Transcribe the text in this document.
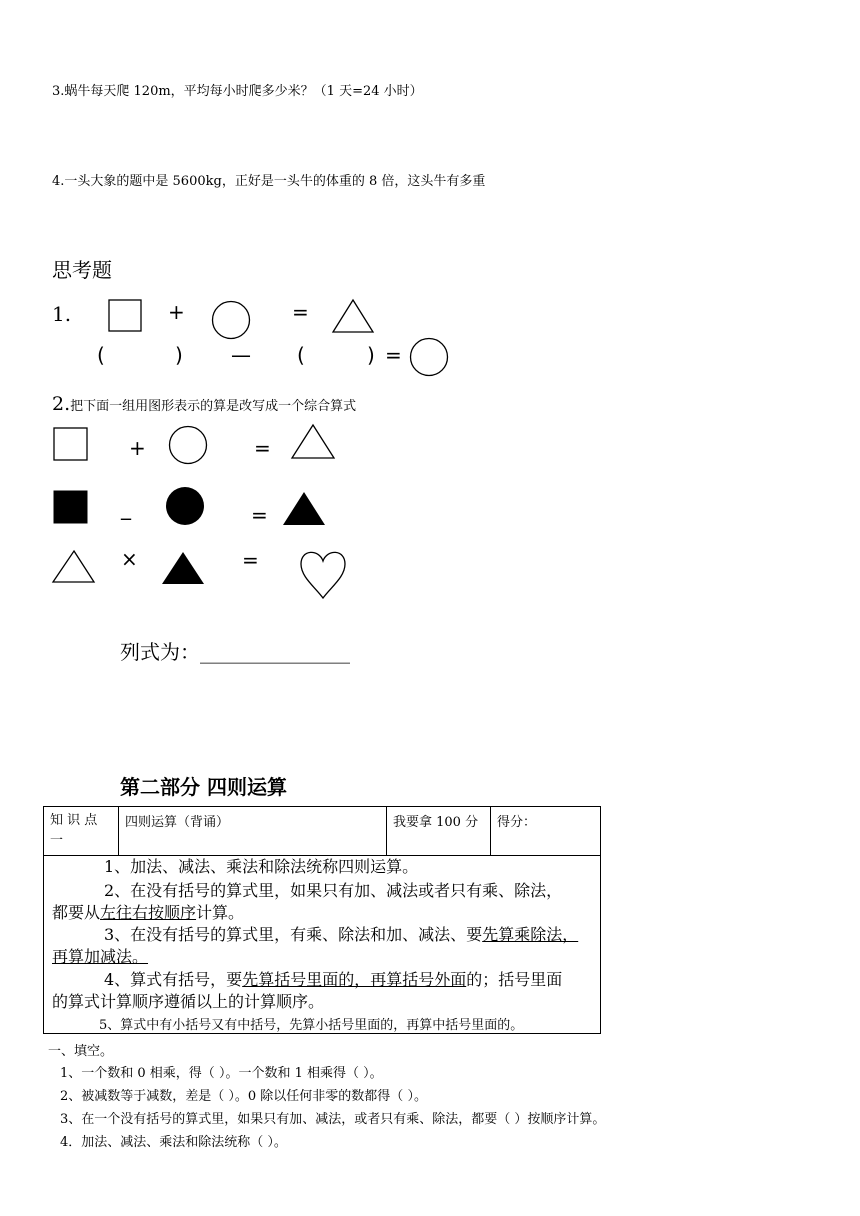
3.蜗牛每天爬 120m，平均每小时爬多少米？（1 天=24 小时）
4.一头大象的题中是 5600kg，正好是一头牛的体重的 8 倍，这头牛有多重
思考题
1.	+	=
(	) — (	) =
2.把下面一组用图形表示的算是改写成一个综合算式
+	=
_	=
×	=
列式为：_______________
第二部分 四则运算
知 识 点 一	四则运算（背诵）	我要拿 100 分	得分：
1、加法、减法、乘法和除法统称四则运算。
2、在没有括号的算式里，如果只有加、减法或者只有乘、除法，
都要从左往右按顺序计算。
3、在没有括号的算式里，有乘、除法和加、减法、要先算乘除法，
再算加减法。
4、算式有括号，要先算括号里面的，再算括号外面的；括号里面
的算式计算顺序遵循以上的计算顺序。
5、算式中有小括号又有中括号，先算小括号里面的，再算中括号里面的。
一、填空。
1、一个数和 0 相乘，得（ ）。一个数和 1 相乘得（ ）。
2、被减数等于减数，差是（ ）。0 除以任何非零的数都得（ ）。
3、在一个没有括号的算式里，如果只有加、减法，或者只有乘、除法，都要（ ）按顺序计算。
4．加法、减法、乘法和除法统称（ ）。
